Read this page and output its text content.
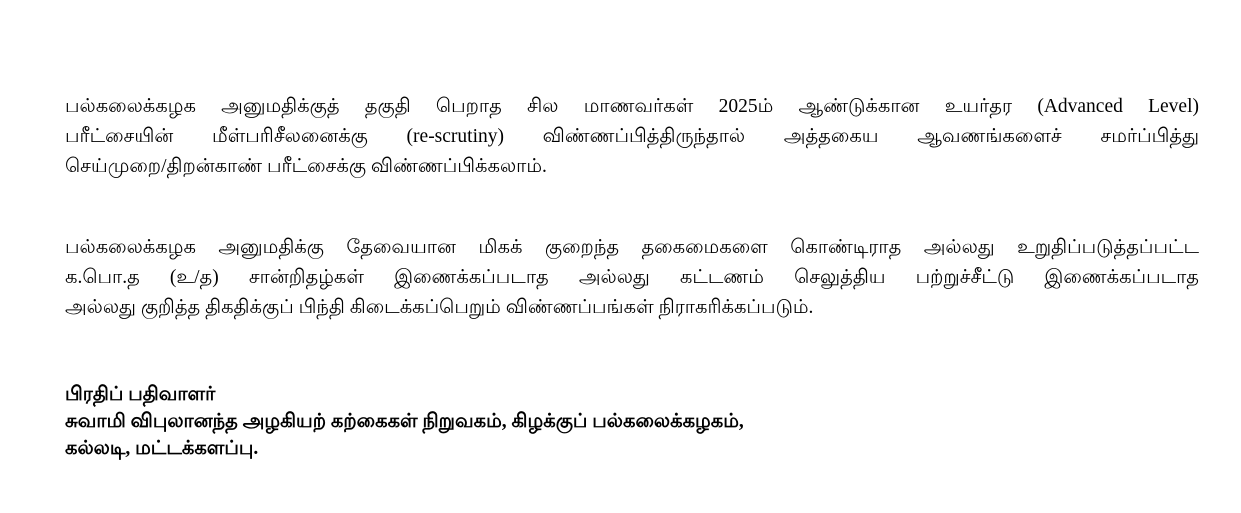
பல்கலைக்கழக அனுமதிக்குத் தகுதி பெறாத சில மாணவர்கள் 2025ம் ஆண்டுக்கான உயர்தர (Advanced Level)
பரீட்சையின் மீள்பரிசீலனைக்கு (re-scrutiny) விண்ணப்பித்திருந்தால் அத்தகைய ஆவணங்களைச் சமர்ப்பித்து
செய்முறை/திறன்காண் பரீட்சைக்கு விண்ணப்பிக்கலாம்.

பல்கலைக்கழக அனுமதிக்கு தேவையான மிகக் குறைந்த தகைமைகளை கொண்டிராத அல்லது உறுதிப்படுத்தப்பட்ட
க.பொ.த (உ/த) சான்றிதழ்கள் இணைக்கப்படாத அல்லது கட்டணம் செலுத்திய பற்றுச்சீட்டு இணைக்கப்படாத
அல்லது குறித்த திகதிக்குப் பிந்தி கிடைக்கப்பெறும் விண்ணப்பங்கள் நிராகரிக்கப்படும்.

பிரதிப் பதிவாளர்
சுவாமி விபுலானந்த அழகியற் கற்கைகள் நிறுவகம், கிழக்குப் பல்கலைக்கழகம்,
கல்லடி, மட்டக்களப்பு.
